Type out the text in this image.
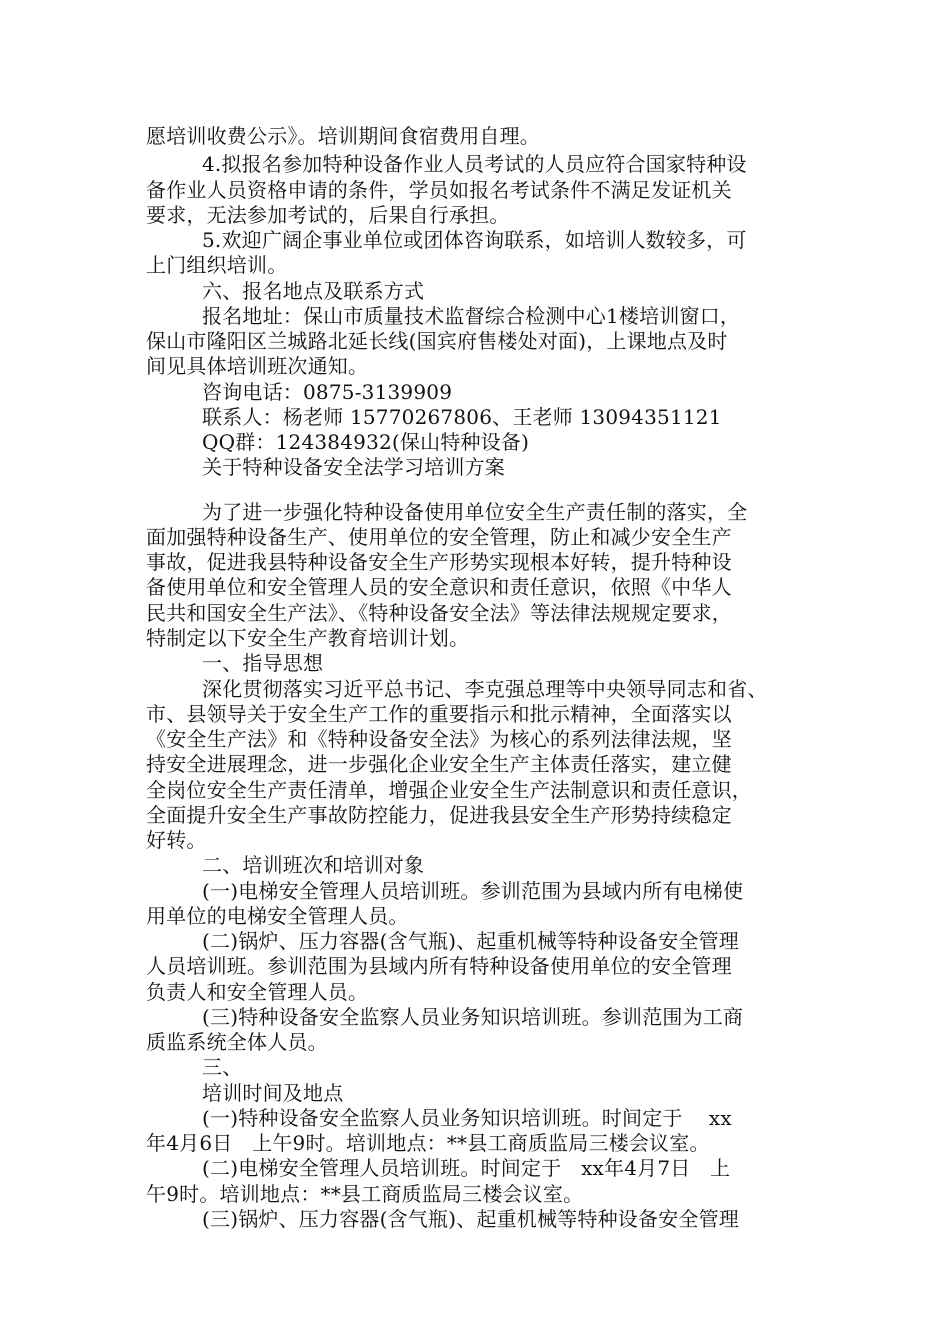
愿培训收费公示》。培训期间食宿费用自理。
4.拟报名参加特种设备作业人员考试的人员应符合国家特种设
备作业人员资格申请的条件，学员如报名考试条件不满足发证机关
要求，无法参加考试的，后果自行承担。
5.欢迎广阔企事业单位或团体咨询联系，如培训人数较多，可
上门组织培训。
六、报名地点及联系方式
报名地址：保山市质量技术监督综合检测中心1楼培训窗口，
保山市隆阳区兰城路北延长线(国宾府售楼处对面)，上课地点及时
间见具体培训班次通知。
咨询电话：0875-3139909
联系人：杨老师 15770267806、王老师 13094351121
QQ群：124384932(保山特种设备)
关于特种设备安全法学习培训方案
为了进一步强化特种设备使用单位安全生产责任制的落实，全
面加强特种设备生产、使用单位的安全管理，防止和减少安全生产
事故，促进我县特种设备安全生产形势实现根本好转，提升特种设
备使用单位和安全管理人员的安全意识和责任意识，依照《中华人
民共和国安全生产法》、《特种设备安全法》等法律法规规定要求，
特制定以下安全生产教育培训计划。
一、指导思想
深化贯彻落实习近平总书记、李克强总理等中央领导同志和省、
市、县领导关于安全生产工作的重要指示和批示精神，全面落实以
《安全生产法》和《特种设备安全法》为核心的系列法律法规，坚
持安全进展理念，进一步强化企业安全生产主体责任落实，建立健
全岗位安全生产责任清单，增强企业安全生产法制意识和责任意识，
全面提升安全生产事故防控能力，促进我县安全生产形势持续稳定
好转。
二、培训班次和培训对象
(一)电梯安全管理人员培训班。参训范围为县域内所有电梯使
用单位的电梯安全管理人员。
(二)锅炉、压力容器(含气瓶)、起重机械等特种设备安全管理
人员培训班。参训范围为县域内所有特种设备使用单位的安全管理
负责人和安全管理人员。
(三)特种设备安全监察人员业务知识培训班。参训范围为工商
质监系统全体人员。
三、
培训时间及地点
(一)特种设备安全监察人员业务知识培训班。时间定于    xx
年4月6日   上午9时。培训地点：**县工商质监局三楼会议室。
(二)电梯安全管理人员培训班。时间定于   xx年4月7日   上
午9时。培训地点：**县工商质监局三楼会议室。
(三)锅炉、压力容器(含气瓶)、起重机械等特种设备安全管理
